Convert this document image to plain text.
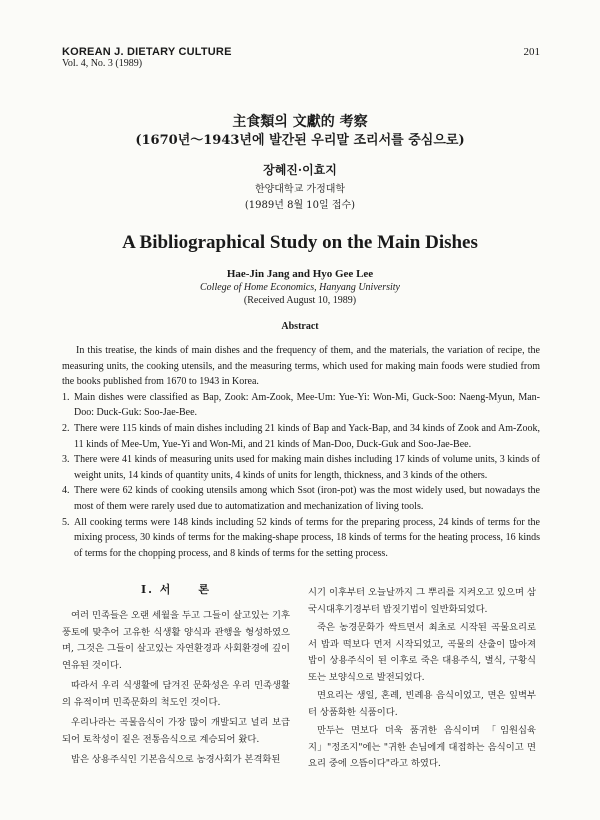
KOREAN J. DIETARY CULTURE
Vol. 4, No. 3 (1989)
201
主食類의 文獻的 考察
(1670년～1943년에 발간된 우리말 조리서를 중심으로)
장혜진·이효지
한양대학교 가정대학
(1989년 8월 10일 접수)
A Bibliographical Study on the Main Dishes
Hae-Jin Jang and Hyo Gee Lee
College of Home Economics, Hanyang University
(Received August 10, 1989)
Abstract

In this treatise, the kinds of main dishes and the frequency of them, and the materials, the variation of recipe, the measuring units, the cooking utensils, and the measuring terms, which used for making main foods were studied from the books published from 1670 to 1943 in Korea.

1. Main dishes were classified as Bap, Zook: Am-Zook, Mee-Um: Yue-Yi: Won-Mi, Guck-Soo: Naeng-Myun, Man-Doo: Duck-Guk: Soo-Jae-Bee.
2. There were 115 kinds of main dishes including 21 kinds of Bap and Yack-Bap, and 34 kinds of Zook and Am-Zook, 11 kinds of Mee-Um, Yue-Yi and Won-Mi, and 21 kinds of Man-Doo, Duck-Guk and Soo-Jae-Bee.
3. There were 41 kinds of measuring units used for making main dishes including 17 kinds of volume units, 3 kinds of weight units, 14 kinds of quantity units, 4 kinds of units for length, thickness, and 3 kinds of the others.
4. There were 62 kinds of cooking utensils among which Ssot (iron-pot) was the most widely used, but nowadays the most of them were rarely used due to automatization and mechanization of living tools.
5. All cooking terms were 148 kinds including 52 kinds of terms for the preparing process, 24 kinds of terms for the mixing process, 30 kinds of terms for the making-shape process, 18 kinds of terms for the heating process, 16 kinds of terms for the chopping process, and 8 kinds of terms for the setting process.
I. 서　　론

여러 민족들은 오랜 세월을 두고 그들이 살고있는 기후 풍토에 맞추어 고유한 식생활 양식과 관행을 형성하였으며, 그것은 그들이 살고있는 자연환경과 사회환경에 깊이 연유된 것이다.

따라서 우리 식생활에 담겨진 문화성은 우리 민족생활의 유적이며 민족문화의 척도인 것이다.

우리나라는 곡물음식이 가장 많이 개발되고 널리 보급되어 토착성이 짙은 전통음식으로 계승되어 왔다.

밥은 상용주식인 기본음식으로 농경사회가 본격화된

시기 이후부터 오늘날까지 그 뿌리를 지켜오고 있으며 삼국시대후기경부터 밥짓기법이 일반화되었다.

죽은 농경문화가 싹트면서 최초로 시작된 곡물요리로서 밥과 떡보다 먼저 시작되었고, 곡물의 산출이 많아져 밥이 상용주식이 된 이후로 죽은 대용주식, 별식, 구황식 또는 보양식으로 발전되었다.

면요리는 생일, 혼례, 빈례용 음식이었고, 면은 잎벽부터 상품화한 식품이다.

만두는 면보다 더욱 품귀한 음식이며 「임원십육지」"정조지"에는 "귀한 손님에게 대접하는 음식이고 면요리 중에 으뜸이다"라고 하였다.
